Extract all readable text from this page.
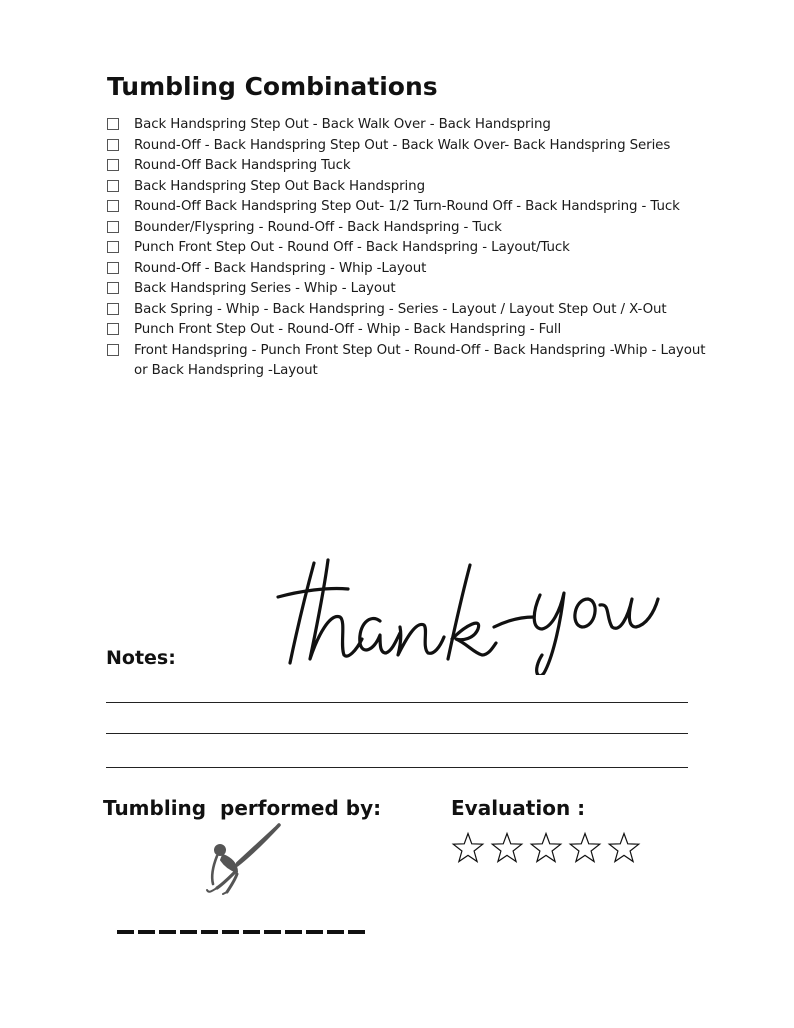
Tumbling Combinations
Back Handspring Step Out - Back Walk Over - Back Handspring
Round-Off - Back Handspring Step Out - Back Walk Over- Back Handspring Series
Round-Off Back Handspring Tuck
Back Handspring Step Out Back Handspring
Round-Off Back Handspring Step Out- 1/2 Turn-Round Off - Back Handspring - Tuck
Bounder/Flyspring - Round-Off - Back Handspring - Tuck
Punch Front Step Out - Round Off - Back Handspring - Layout/Tuck
Round-Off - Back Handspring - Whip -Layout
Back Handspring Series - Whip - Layout
Back Spring - Whip - Back Handspring - Series - Layout / Layout Step Out / X-Out
Punch Front Step Out - Round-Off - Whip - Back Handspring - Full
Front Handspring - Punch Front Step Out - Round-Off - Back Handspring -Whip - Layout or Back Handspring -Layout
Notes:
Tumbling  performed by:	Evaluation :
